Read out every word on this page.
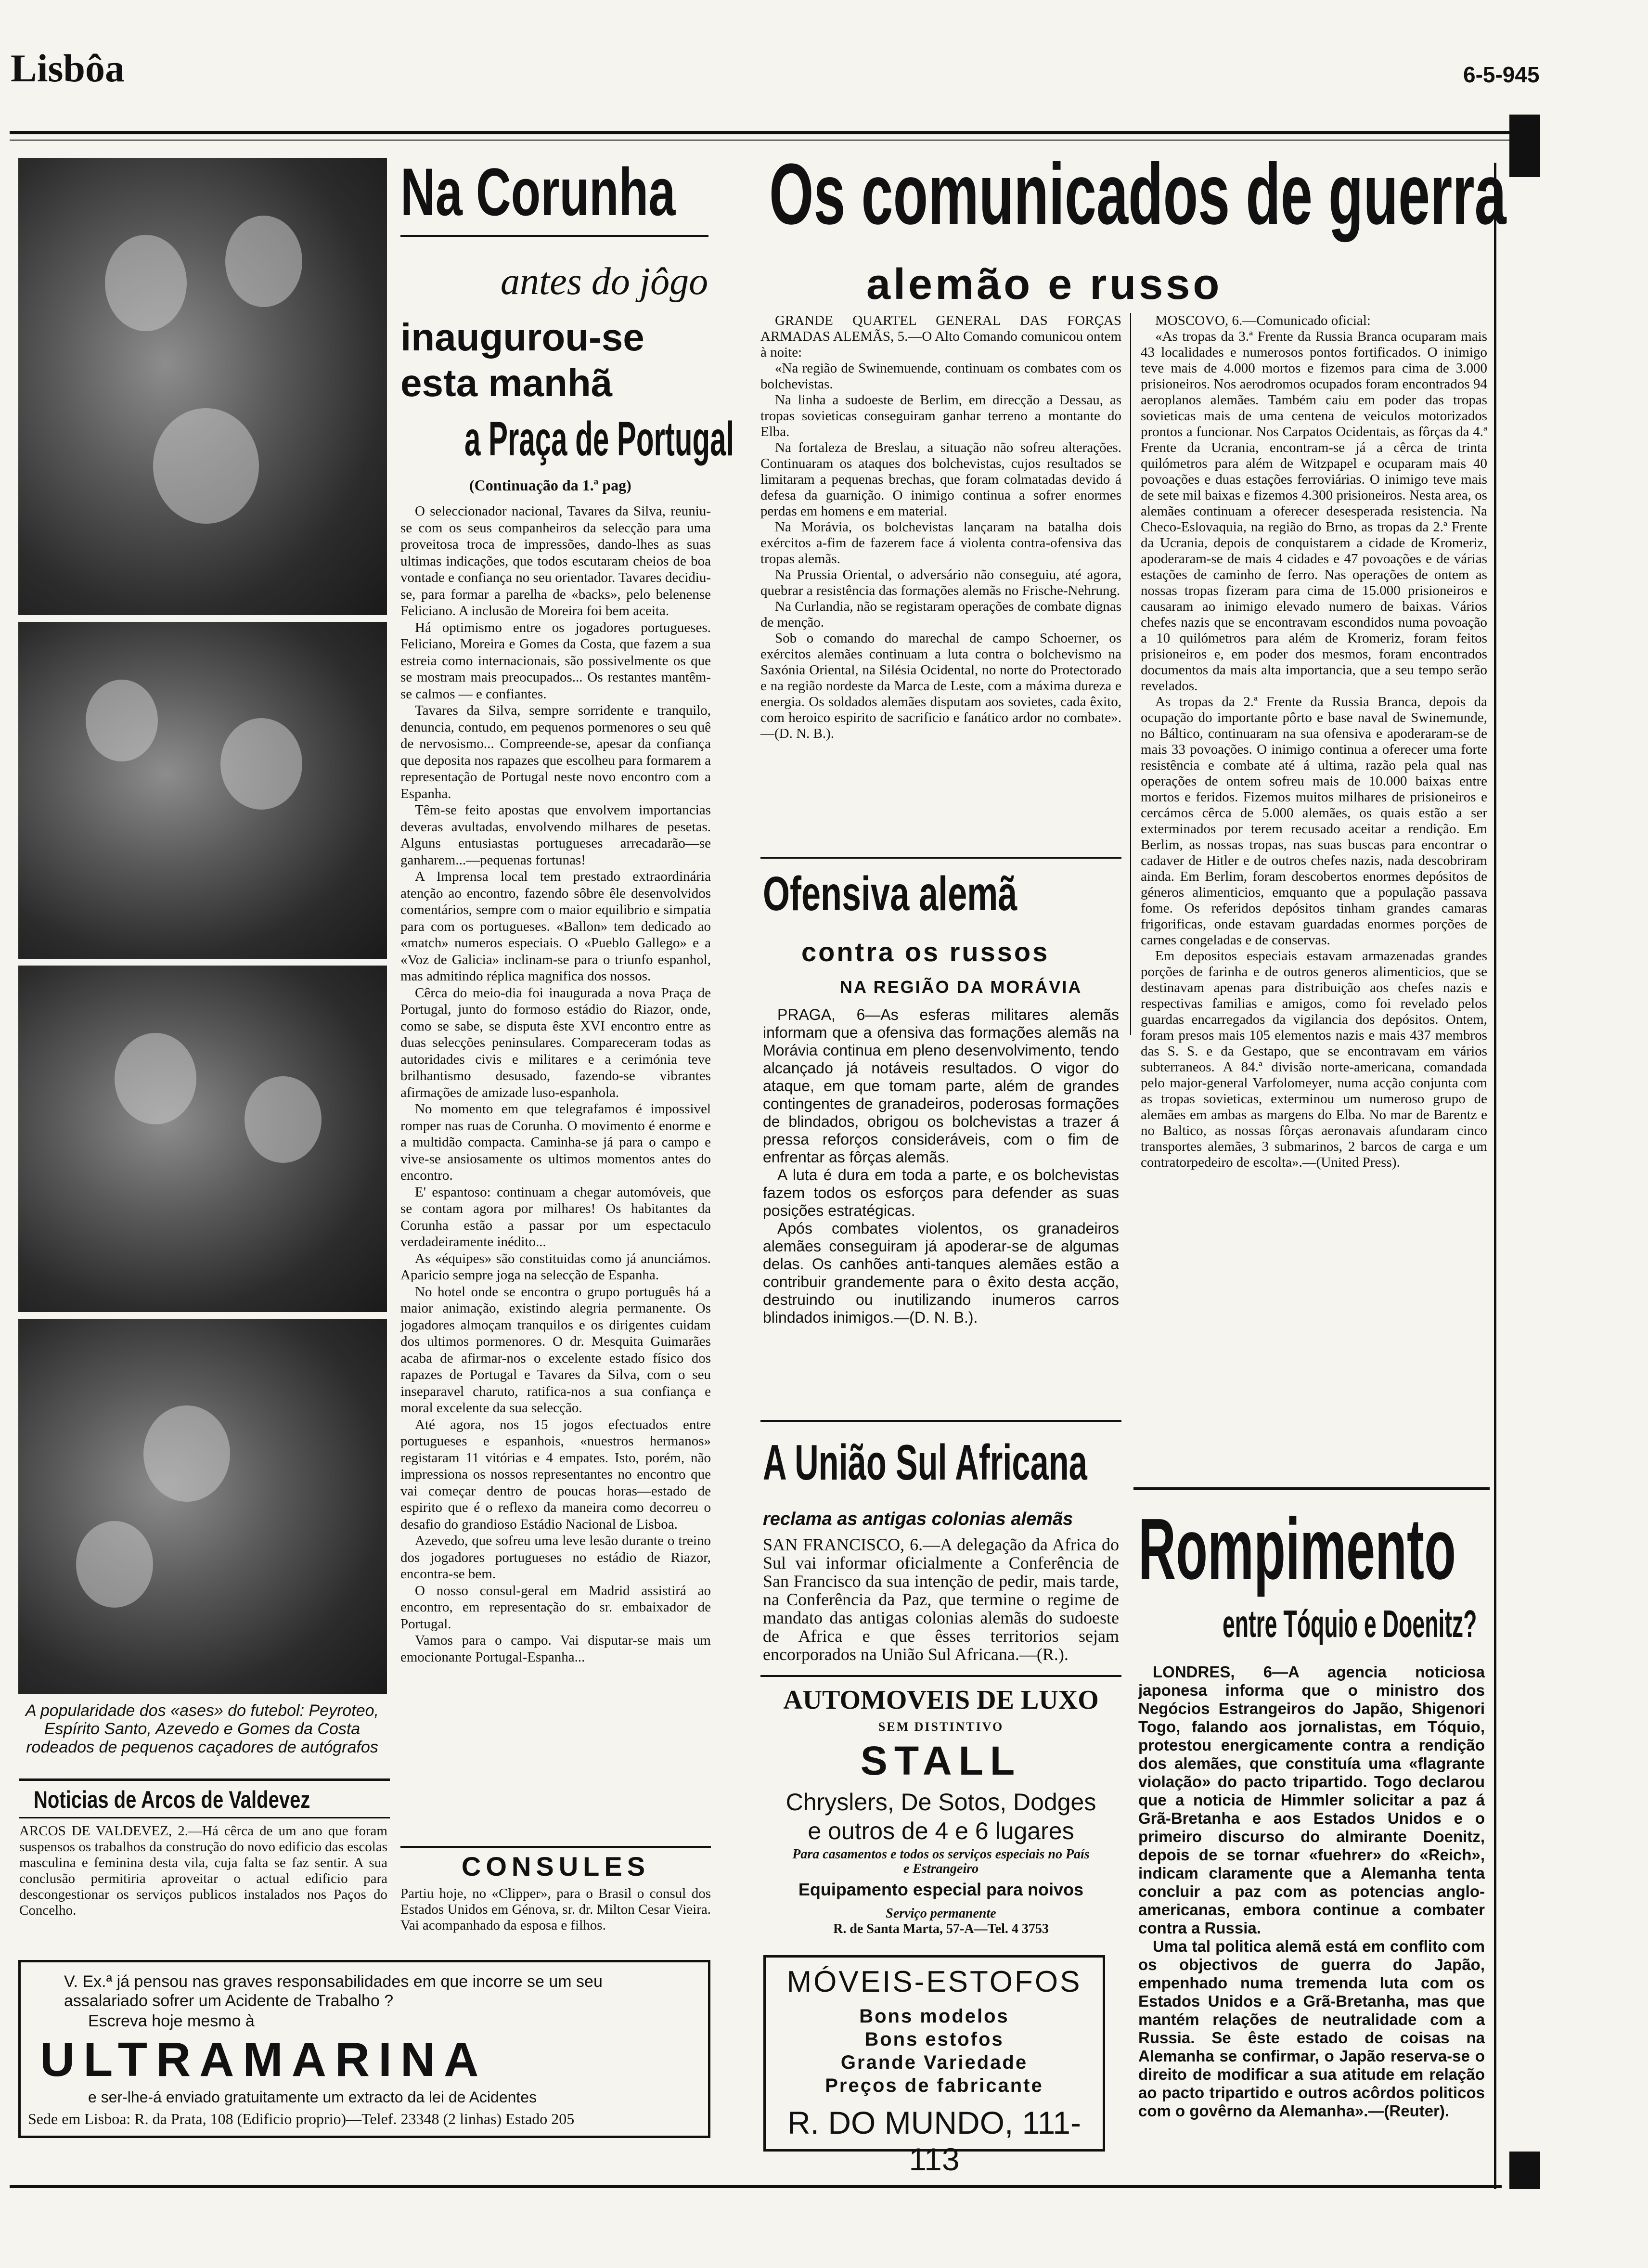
Lisbôa	6-5-945
A popularidade dos «ases» do futebol: Peyroteo, Espírito Santo, Azevedo e Gomes da Costa rodeados de pequenos caçadores de autógrafos
Noticias de Arcos de Valdevez
ARCOS DE VALDEVEZ, 2.—Há cêrca de um ano que foram suspensos os trabalhos da construção do novo edificio das escolas masculina e feminina desta vila, cuja falta se faz sentir. A sua conclusão permitiria aproveitar o actual edificio para descongestionar os serviços publicos instalados nos Paços do Concelho.
Na Corunha
antes do jôgo
inaugurou-se
esta manhã
a Praça de Portugal
(Continuação da 1.ª pag)

O seleccionador nacional, Tavares da Silva, reuniu-se com os seus companheiros da selecção para uma proveitosa troca de impressões, dando-lhes as suas ultimas indicações, que todos escutaram cheios de boa vontade e confiança no seu orientador. Tavares decidiu-se, para formar a parelha de «backs», pelo belenense Feliciano. A inclusão de Moreira foi bem aceita.

Há optimismo entre os jogadores portugueses. Feliciano, Moreira e Gomes da Costa, que fazem a sua estreia como internacionais, são possivelmente os que se mostram mais preocupados... Os restantes mantêm-se calmos — e confiantes.

Tavares da Silva, sempre sorridente e tranquilo, denuncia, contudo, em pequenos pormenores o seu quê de nervosismo... Compreende-se, apesar da confiança que deposita nos rapazes que escolheu para formarem a representação de Portugal neste novo encontro com a Espanha.

Têm-se feito apostas que envolvem importancias deveras avultadas, envolvendo milhares de pesetas. Alguns entusiastas portugueses arrecadarão—se ganharem...—pequenas fortunas!

A Imprensa local tem prestado extraordinária atenção ao encontro, fazendo sôbre êle desenvolvidos comentários, sempre com o maior equilibrio e simpatia para com os portugueses. «Ballon» tem dedicado ao «match» numeros especiais. O «Pueblo Gallego» e a «Voz de Galicia» inclinam-se para o triunfo espanhol, mas admitindo réplica magnifica dos nossos.

Cêrca do meio-dia foi inaugurada a nova Praça de Portugal, junto do formoso estádio do Riazor, onde, como se sabe, se disputa êste XVI encontro entre as duas selecções peninsulares. Compareceram todas as autoridades civis e militares e a cerimónia teve brilhantismo desusado, fazendo-se vibrantes afirmações de amizade luso-espanhola.

No momento em que telegrafamos é impossivel romper nas ruas de Corunha. O movimento é enorme e a multidão compacta. Caminha-se já para o campo e vive-se ansiosamente os ultimos momentos antes do encontro.

E' espantoso: continuam a chegar automóveis, que se contam agora por milhares! Os habitantes da Corunha estão a passar por um espectaculo verdadeiramente inédito...

As «équipes» são constituidas como já anunciámos. Aparicio sempre joga na selecção de Espanha.

No hotel onde se encontra o grupo português há a maior animação, existindo alegria permanente. Os jogadores almoçam tranquilos e os dirigentes cuidam dos ultimos pormenores. O dr. Mesquita Guimarães acaba de afirmar-nos o excelente estado físico dos rapazes de Portugal e Tavares da Silva, com o seu inseparavel charuto, ratifica-nos a sua confiança e moral excelente da sua selecção.

Até agora, nos 15 jogos efectuados entre portugueses e espanhois, «nuestros hermanos» registaram 11 vitórias e 4 empates. Isto, porém, não impressiona os nossos representantes no encontro que vai começar dentro de poucas horas—estado de espirito que é o reflexo da maneira como decorreu o desafio do grandioso Estádio Nacional de Lisboa.

Azevedo, que sofreu uma leve lesão durante o treino dos jogadores portugueses no estádio de Riazor, encontra-se bem.

O nosso consul-geral em Madrid assistirá ao encontro, em representação do sr. embaixador de Portugal.

Vamos para o campo. Vai disputar-se mais um emocionante Portugal-Espanha...

CONSULES
Partiu hoje, no «Clipper», para o Brasil o consul dos Estados Unidos em Génova, sr. dr. Milton Cesar Vieira. Vai acompanhado da esposa e filhos.
V. Ex.ª já pensou nas graves responsabilidades em que incorre se um seu assalariado sofrer um Acidente de Trabalho ?
Escreva hoje mesmo à
ULTRAMARINA
e ser-lhe-á enviado gratuitamente um extracto da lei de Acidentes
Sede em Lisboa: R. da Prata, 108 (Edificio proprio)—Telef. 23348 (2 linhas) Estado 205
Os comunicados de guerra
alemão e russo

GRANDE QUARTEL GENERAL DAS FORÇAS ARMADAS ALEMÃS, 5.—O Alto Comando comunicou ontem à noite:

«Na região de Swinemuende, continuam os combates com os bolchevistas.

Na linha a sudoeste de Berlim, em direcção a Dessau, as tropas sovieticas conseguiram ganhar terreno a montante do Elba.

Na fortaleza de Breslau, a situação não sofreu alterações. Continuaram os ataques dos bolchevistas, cujos resultados se limitaram a pequenas brechas, que foram colmatadas devido á defesa da guarnição. O inimigo continua a sofrer enormes perdas em homens e em material.

Na Morávia, os bolchevistas lançaram na batalha dois exércitos a-fim de fazerem face á violenta contra-ofensiva das tropas alemãs.

Na Prussia Oriental, o adversário não conseguiu, até agora, quebrar a resistência das formações alemãs no Frische-Nehrung.

Na Curlandia, não se registaram operações de combate dignas de menção.

Sob o comando do marechal de campo Schoerner, os exércitos alemães continuam a luta contra o bolchevismo na Saxónia Oriental, na Silésia Ocidental, no norte do Protectorado e na região nordeste da Marca de Leste, com a máxima dureza e energia. Os soldados alemães disputam aos sovietes, cada êxito, com heroico espirito de sacrificio e fanático ardor no combate».—(D. N. B.).

MOSCOVO, 6.—Comunicado oficial:

«As tropas da 3.ª Frente da Russia Branca ocuparam mais 43 localidades e numerosos pontos fortificados. O inimigo teve mais de 4.000 mortos e fizemos para cima de 3.000 prisioneiros. Nos aerodromos ocupados foram encontrados 94 aeroplanos alemães. Também caiu em poder das tropas sovieticas mais de uma centena de veiculos motorizados prontos a funcionar. Nos Carpatos Ocidentais, as fôrças da 4.ª Frente da Ucrania, encontram-se já a cêrca de trinta quilómetros para além de Witzpapel e ocuparam mais 40 povoações e duas estações ferroviárias. O inimigo teve mais de sete mil baixas e fizemos 4.300 prisioneiros. Nesta area, os alemães continuam a oferecer desesperada resistencia. Na Checo-Eslovaquia, na região do Brno, as tropas da 2.ª Frente da Ucrania, depois de conquistarem a cidade de Kromeriz, apoderaram-se de mais 4 cidades e 47 povoações e de várias estações de caminho de ferro. Nas operações de ontem as nossas tropas fizeram para cima de 15.000 prisioneiros e causaram ao inimigo elevado numero de baixas. Vários chefes nazis que se encontravam escondidos numa povoação a 10 quilómetros para além de Kromeriz, foram feitos prisioneiros e, em poder dos mesmos, foram encontrados documentos da mais alta importancia, que a seu tempo serão revelados.

As tropas da 2.ª Frente da Russia Branca, depois da ocupação do importante pôrto e base naval de Swinemunde, no Báltico, continuaram na sua ofensiva e apoderaram-se de mais 33 povoações. O inimigo continua a oferecer uma forte resistência e combate até á ultima, razão pela qual nas operações de ontem sofreu mais de 10.000 baixas entre mortos e feridos. Fizemos muitos milhares de prisioneiros e cercámos cêrca de 5.000 alemães, os quais estão a ser exterminados por terem recusado aceitar a rendição. Em Berlim, as nossas tropas, nas suas buscas para encontrar o cadaver de Hitler e de outros chefes nazis, nada descobriram ainda. Em Berlim, foram descobertos enormes depósitos de géneros alimenticios, emquanto que a população passava fome. Os referidos depósitos tinham grandes camaras frigorificas, onde estavam guardadas enormes porções de carnes congeladas e de conservas.

Em depositos especiais estavam armazenadas grandes porções de farinha e de outros generos alimenticios, que se destinavam apenas para distribuição aos chefes nazis e respectivas familias e amigos, como foi revelado pelos guardas encarregados da vigilancia dos depósitos. Ontem, foram presos mais 105 elementos nazis e mais 437 membros das S. S. e da Gestapo, que se encontravam em vários subterraneos. A 84.ª divisão norte-americana, comandada pelo major-general Varfolomeyer, numa acção conjunta com as tropas sovieticas, exterminou um numeroso grupo de alemães em ambas as margens do Elba. No mar de Barentz e no Baltico, as nossas fôrças aeronavais afundaram cinco transportes alemães, 3 submarinos, 2 barcos de carga e um contratorpedeiro de escolta».—(United Press).

Ofensiva alemã
contra os russos
NA REGIÃO DA MORÁVIA

PRAGA, 6—As esferas militares alemãs informam que a ofensiva das formações alemãs na Morávia continua em pleno desenvolvimento, tendo alcançado já notáveis resultados. O vigor do ataque, em que tomam parte, além de grandes contingentes de granadeiros, poderosas formações de blindados, obrigou os bolchevistas a trazer á pressa reforços consideráveis, com o fim de enfrentar as fôrças alemãs.

A luta é dura em toda a parte, e os bolchevistas fazem todos os esforços para defender as suas posições estratégicas.

Após combates violentos, os granadeiros alemães conseguiram já apoderar-se de algumas delas. Os canhões anti-tanques alemães estão a contribuir grandemente para o êxito desta acção, destruindo ou inutilizando inumeros carros blindados inimigos.—(D. N. B.).

A União Sul Africana
reclama as antigas colonias alemãs
SAN FRANCISCO, 6.—A delegação da Africa do Sul vai informar oficialmente a Conferência de San Francisco da sua intenção de pedir, mais tarde, na Conferência da Paz, que termine o regime de mandato das antigas colonias alemãs do sudoeste de Africa e que êsses territorios sejam encorporados na União Sul Africana.—(R.).
AUTOMOVEIS DE LUXO
SEM DISTINTIVO
STALL
Chryslers, De Sotos, Dodges
e outros de 4 e 6 lugares
Para casamentos e todos os serviços especiais no País e Estrangeiro
Equipamento especial para noivos
Serviço permanente
R. de Santa Marta, 57-A—Tel. 4 3753
MÓVEIS-ESTOFOS
Bons modelos
Bons estofos
Grande Variedade
Preços de fabricante
R. DO MUNDO, 111-113
Rompimento
entre Tóquio e Doenitz?

LONDRES, 6—A agencia noticiosa japonesa informa que o ministro dos Negócios Estrangeiros do Japão, Shigenori Togo, falando aos jornalistas, em Tóquio, protestou energicamente contra a rendição dos alemães, que constituía uma «flagrante violação» do pacto tripartido. Togo declarou que a noticia de Himmler solicitar a paz á Grã-Bretanha e aos Estados Unidos e o primeiro discurso do almirante Doenitz, depois de se tornar «fuehrer» do «Reich», indicam claramente que a Alemanha tenta concluir a paz com as potencias anglo-americanas, embora continue a combater contra a Russia.

Uma tal politica alemã está em conflito com os objectivos de guerra do Japão, empenhado numa tremenda luta com os Estados Unidos e a Grã-Bretanha, mas que mantém relações de neutralidade com a Russia. Se êste estado de coisas na Alemanha se confirmar, o Japão reserva-se o direito de modificar a sua atitude em relação ao pacto tripartido e outros acôrdos politicos com o govêrno da Alemanha».—(Reuter).
